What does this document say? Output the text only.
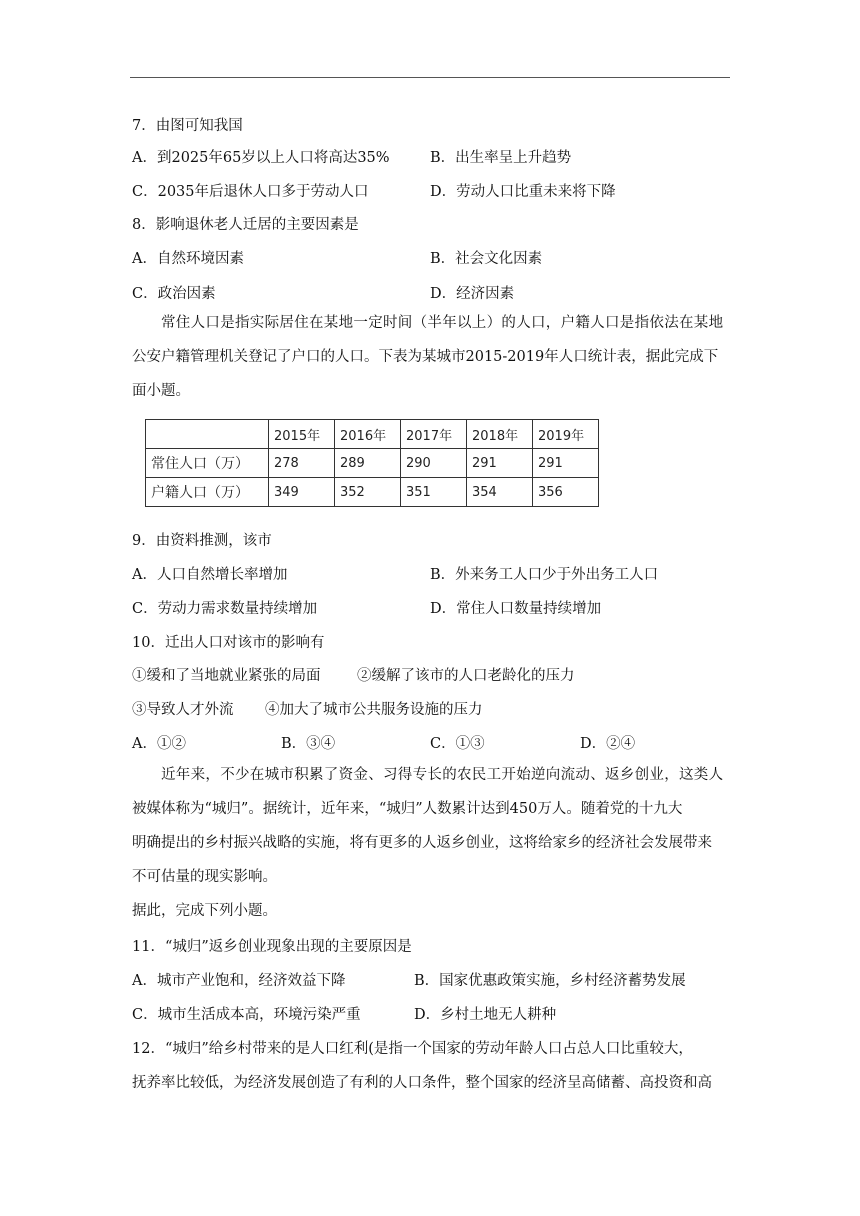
7．由图可知我国
A．到2025年65岁以上人口将高达35%	B．出生率呈上升趋势
C．2035年后退休人口多于劳动人口	D．劳动人口比重未来将下降
8．影响退休老人迁居的主要因素是
A．自然环境因素	B．社会文化因素
C．政治因素	D．经济因素
常住人口是指实际居住在某地一定时间（半年以上）的人口，户籍人口是指依法在某地
公安户籍管理机关登记了户口的人口。下表为某城市2015-2019年人口统计表，据此完成下
面小题。
	2015年	2016年	2017年	2018年	2019年
常住人口（万）	278	289	290	291	291
户籍人口（万）	349	352	351	354	356
9．由资料推测，该市
A．人口自然增长率增加	B．外来务工人口少于外出务工人口
C．劳动力需求数量持续增加	D．常住人口数量持续增加
10．迁出人口对该市的影响有
①缓和了当地就业紧张的局面	②缓解了该市的人口老龄化的压力
③导致人才外流 ④加大了城市公共服务设施的压力
A．①②	B．③④	C．①③	D．②④
近年来，不少在城市积累了资金、习得专长的农民工开始逆向流动、返乡创业，这类人
被媒体称为“城归”。据统计，近年来，“城归”人数累计达到450万人。随着党的十九大
明确提出的乡村振兴战略的实施，将有更多的人返乡创业，这将给家乡的经济社会发展带来
不可估量的现实影响。
据此，完成下列小题。
11．“城归”返乡创业现象出现的主要原因是
A．城市产业饱和，经济效益下降	B．国家优惠政策实施，乡村经济蓄势发展
C．城市生活成本高，环境污染严重	D．乡村土地无人耕种
12．“城归”给乡村带来的是人口红利(是指一个国家的劳动年龄人口占总人口比重较大，
抚养率比较低，为经济发展创造了有利的人口条件，整个国家的经济呈高储蓄、高投资和高
